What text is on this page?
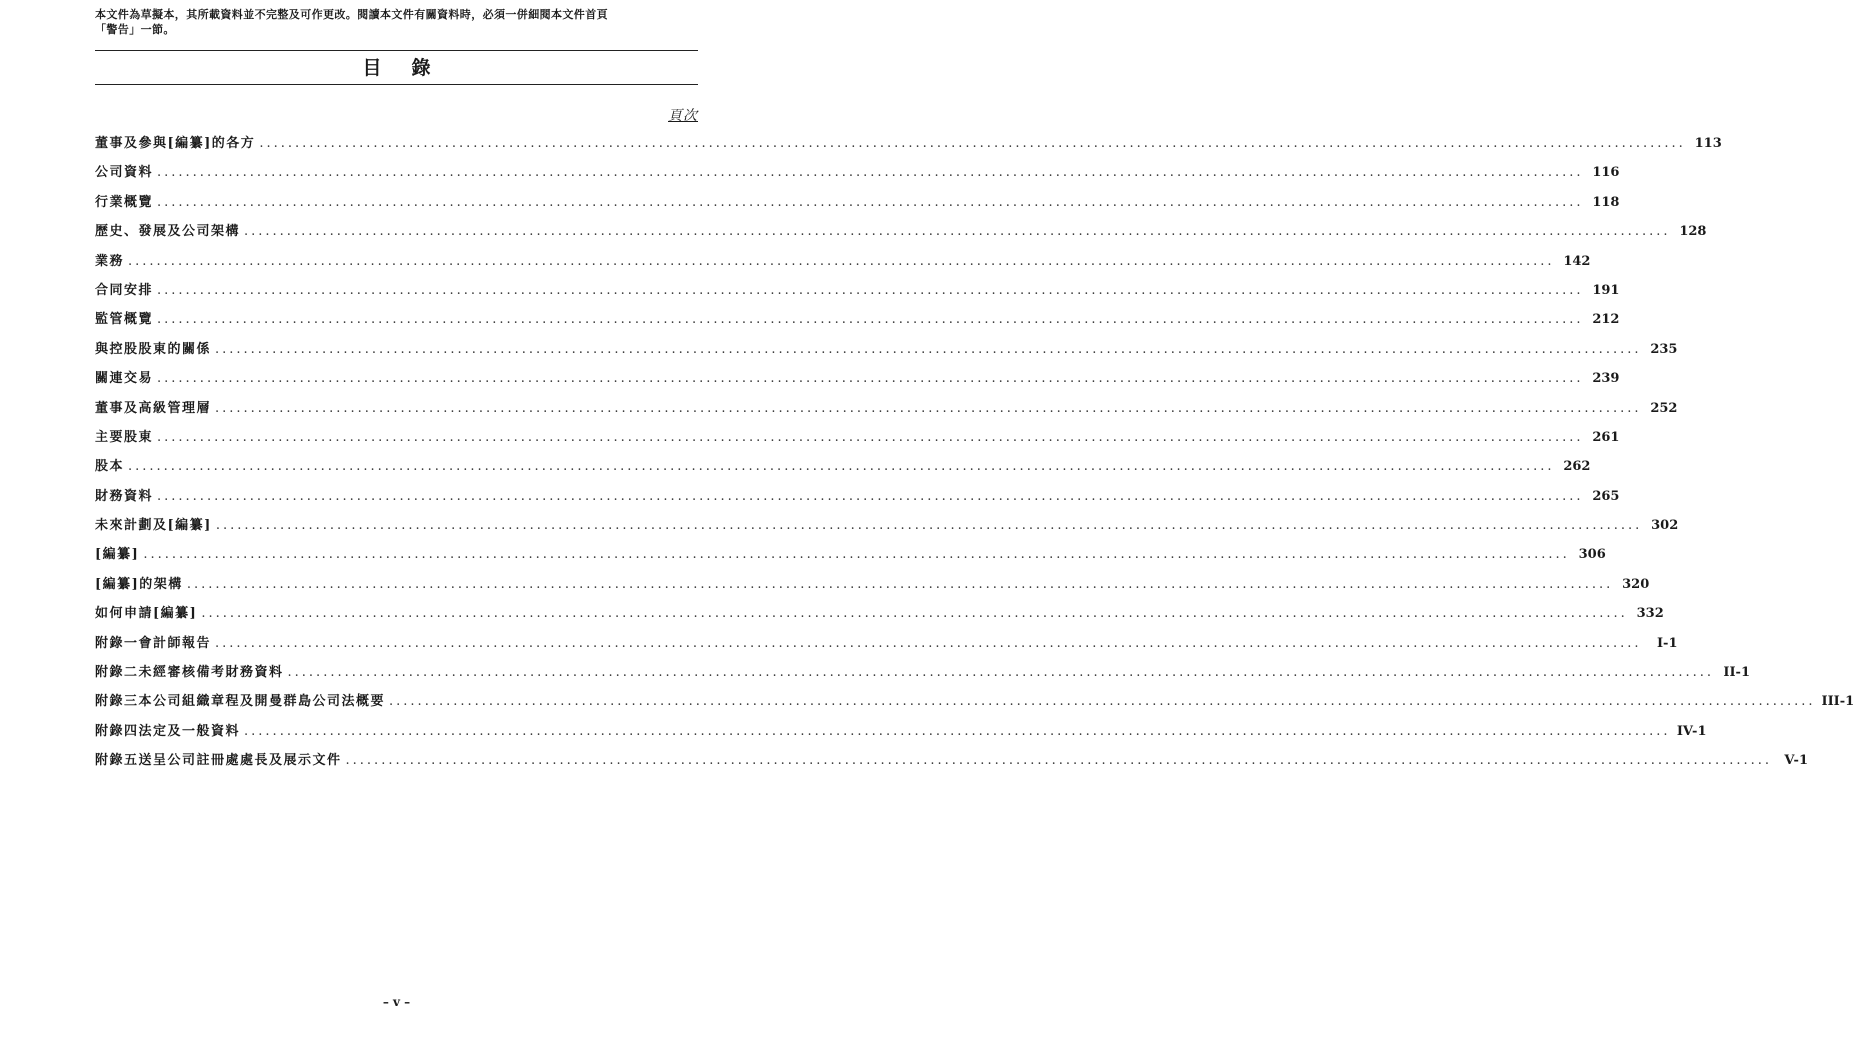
本文件為草擬本，其所載資料並不完整及可作更改。閱讀本文件有關資料時，必須一併細閱本文件首頁
「警告」一節。
目錄
頁次
董事及參與[編纂]的各方 ........................................................................................................................................................................................................ 113
公司資料 ........................................................................................................................................................................................................ 116
行業概覽 ........................................................................................................................................................................................................ 118
歷史、發展及公司架構 ........................................................................................................................................................................................................ 128
業務 ........................................................................................................................................................................................................ 142
合同安排 ........................................................................................................................................................................................................ 191
監管概覽 ........................................................................................................................................................................................................ 212
與控股股東的關係 ........................................................................................................................................................................................................ 235
關連交易 ........................................................................................................................................................................................................ 239
董事及高級管理層 ........................................................................................................................................................................................................ 252
主要股東 ........................................................................................................................................................................................................ 261
股本 ........................................................................................................................................................................................................ 262
財務資料 ........................................................................................................................................................................................................ 265
未來計劃及[編纂] ........................................................................................................................................................................................................ 302
[編纂] ........................................................................................................................................................................................................ 306
[編纂]的架構 ........................................................................................................................................................................................................ 320
如何申請[編纂] ........................................................................................................................................................................................................ 332
附錄一 會計師報告 ........................................................................................................................................................................................................	I-1
附錄二 未經審核備考財務資料 ........................................................................................................................................................................................................ II-1
附錄三 本公司組織章程及開曼群島公司法概要 ........................................................................................................................................................................................................ III-1
附錄四 法定及一般資料 ........................................................................................................................................................................................................ IV-1
附錄五 送呈公司註冊處處長及展示文件 ........................................................................................................................................................................................................ V-1
– v –
